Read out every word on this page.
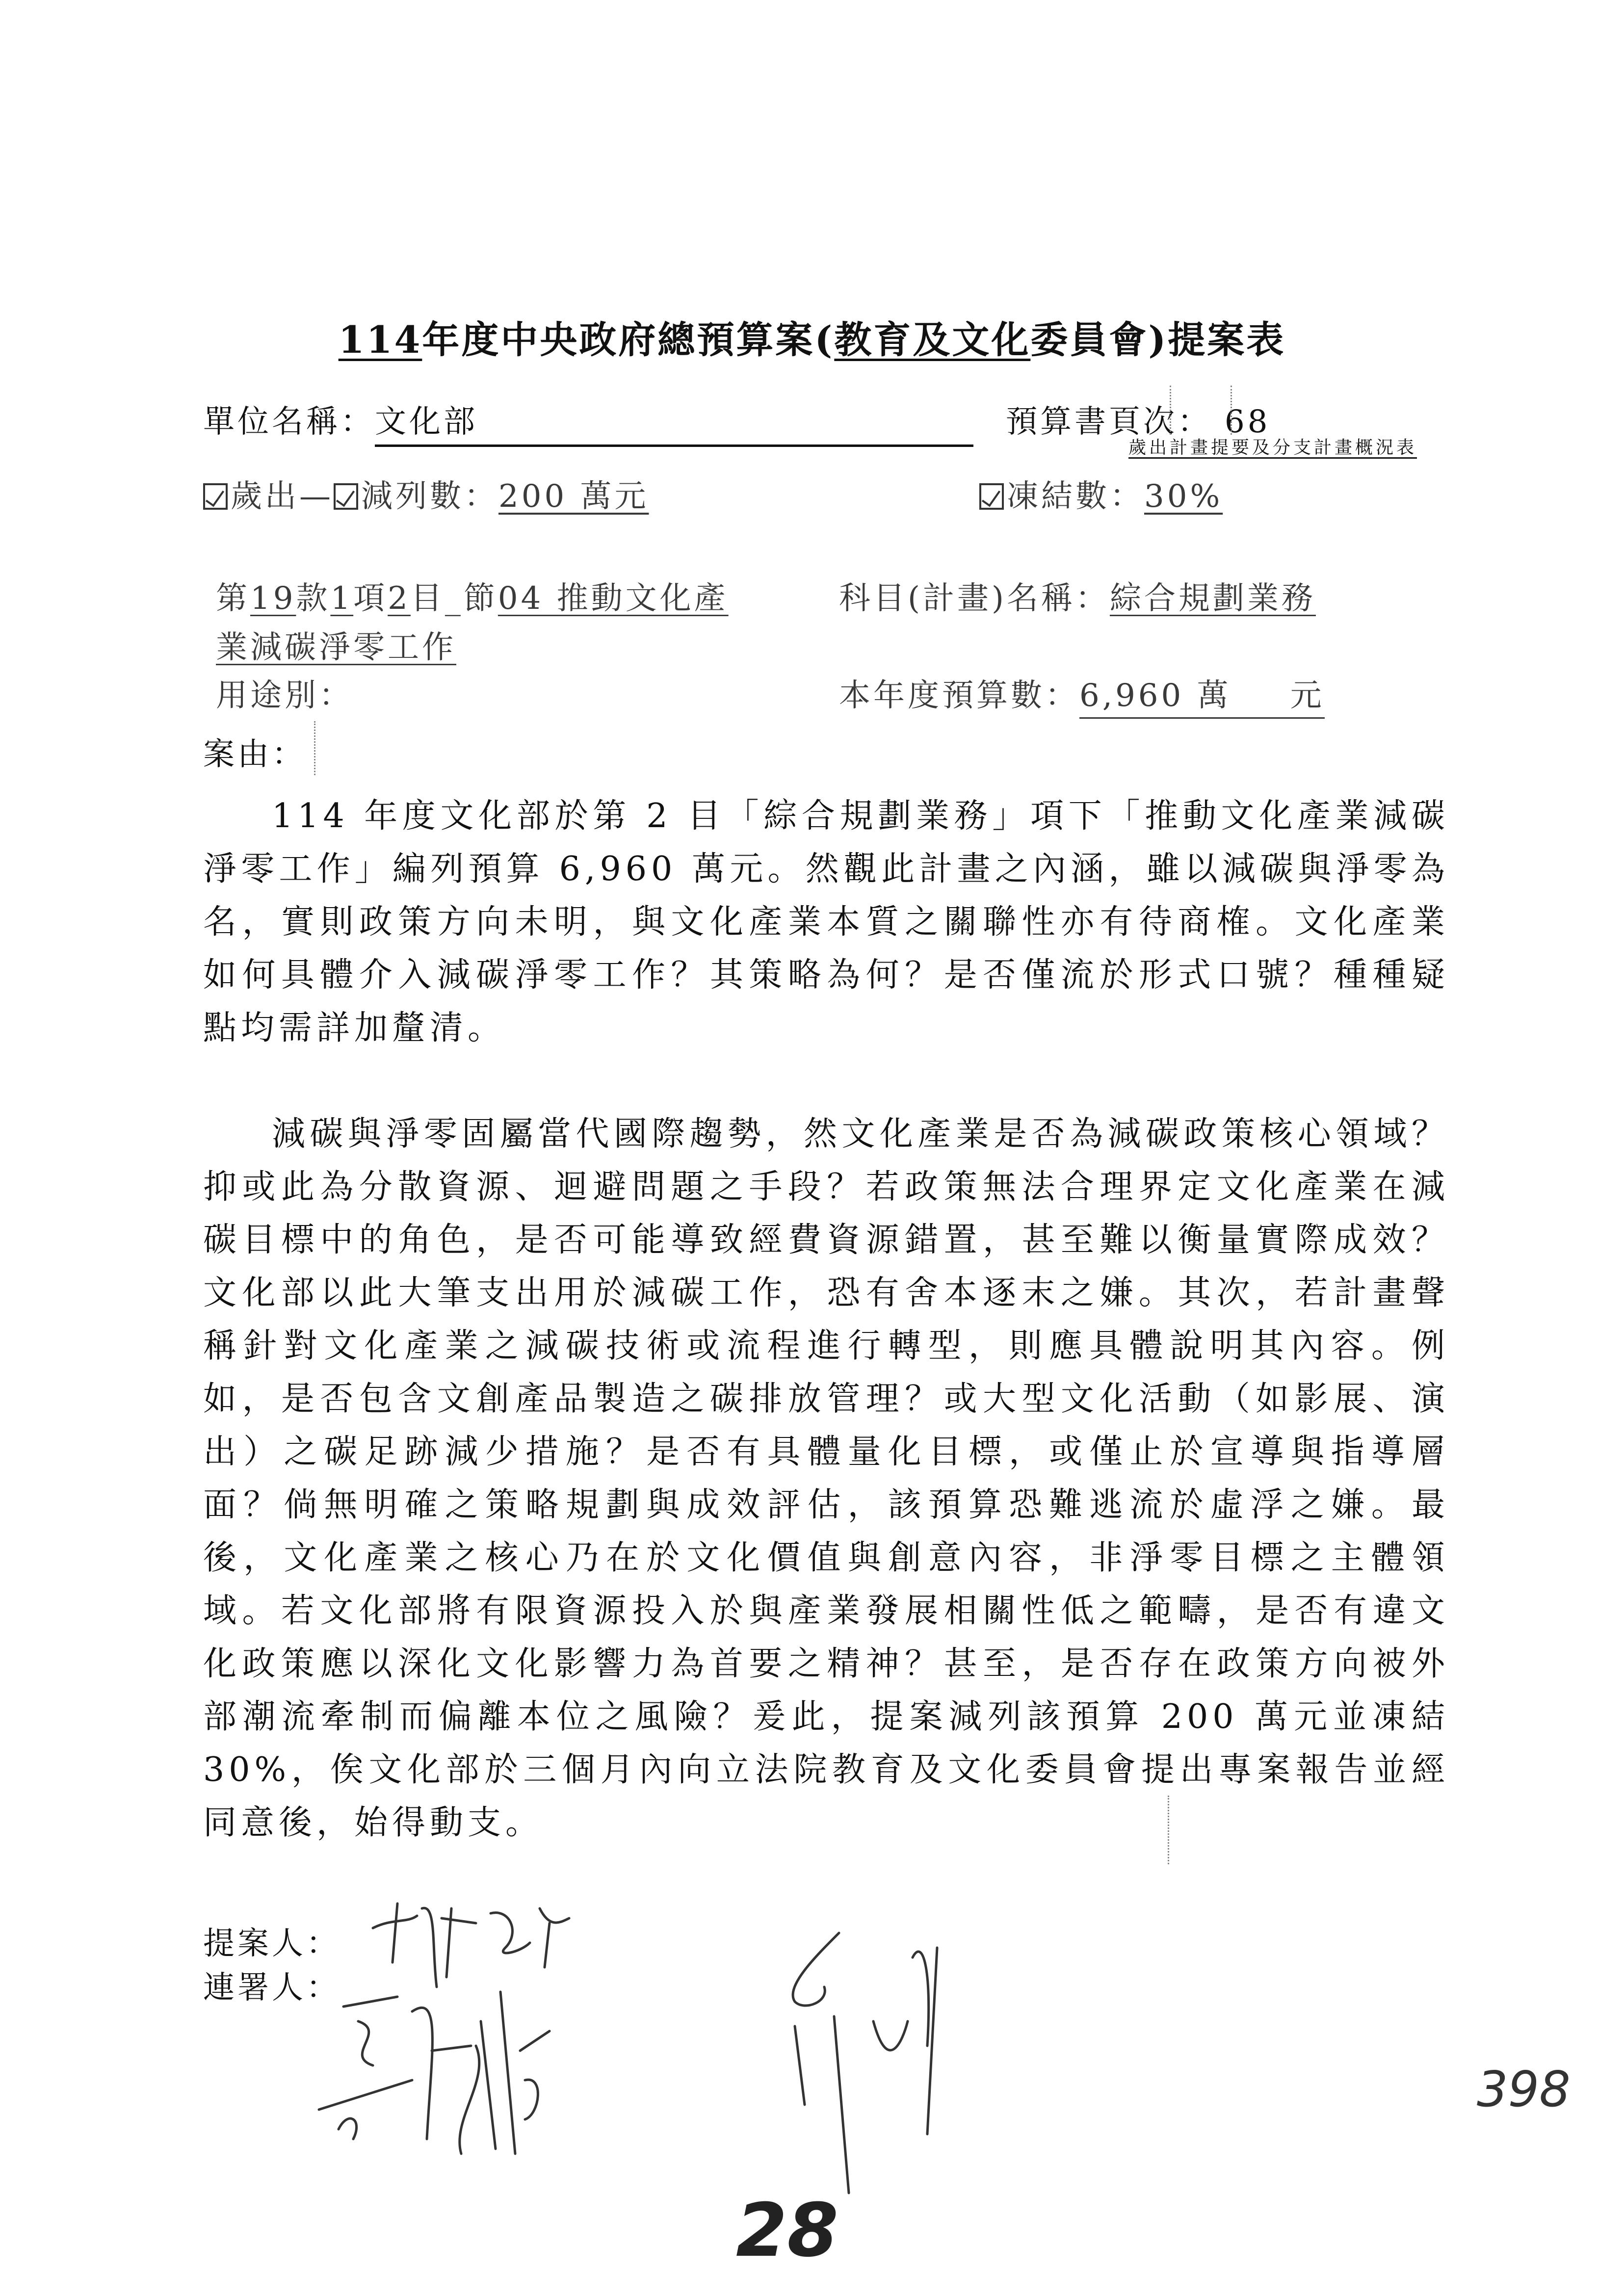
114年度中央政府總預算案(教育及文化委員會)提案表
單位名稱：文化部	預算書頁次： 68
歲出計畫提要及分支計畫概況表
歲出— 減列數：200 萬元	凍結數：30%
第19款1項2目_節04 推動文化產
業減碳淨零工作
科目(計畫)名稱：綜合規劃業務
用途別：	本年度預算數：6,960 萬 元
案由：

114 年度文化部於第 2 目「綜合規劃業務」項下「推動文化產業減碳淨零工作」編列預算 6,960 萬元。然觀此計畫之內涵，雖以減碳與淨零為名，實則政策方向未明，與文化產業本質之關聯性亦有待商榷。文化產業如何具體介入減碳淨零工作？其策略為何？是否僅流於形式口號？種種疑點均需詳加釐清。

減碳與淨零固屬當代國際趨勢，然文化產業是否為減碳政策核心領域？抑或此為分散資源、迴避問題之手段？若政策無法合理界定文化產業在減碳目標中的角色，是否可能導致經費資源錯置，甚至難以衡量實際成效？文化部以此大筆支出用於減碳工作，恐有舍本逐末之嫌。其次，若計畫聲稱針對文化產業之減碳技術或流程進行轉型，則應具體說明其內容。例如，是否包含文創產品製造之碳排放管理？或大型文化活動（如影展、演出）之碳足跡減少措施？是否有具體量化目標，或僅止於宣導與指導層面？倘無明確之策略規劃與成效評估，該預算恐難逃流於虛浮之嫌。最後，文化產業之核心乃在於文化價值與創意內容，非淨零目標之主體領域。若文化部將有限資源投入於與產業發展相關性低之範疇，是否有違文化政策應以深化文化影響力為首要之精神？甚至，是否存在政策方向被外部潮流牽制而偏離本位之風險？爰此，提案減列該預算 200 萬元並凍結 30%，俟文化部於三個月內向立法院教育及文化委員會提出專案報告並經同意後，始得動支。

提案人：
連署人：
28
398
